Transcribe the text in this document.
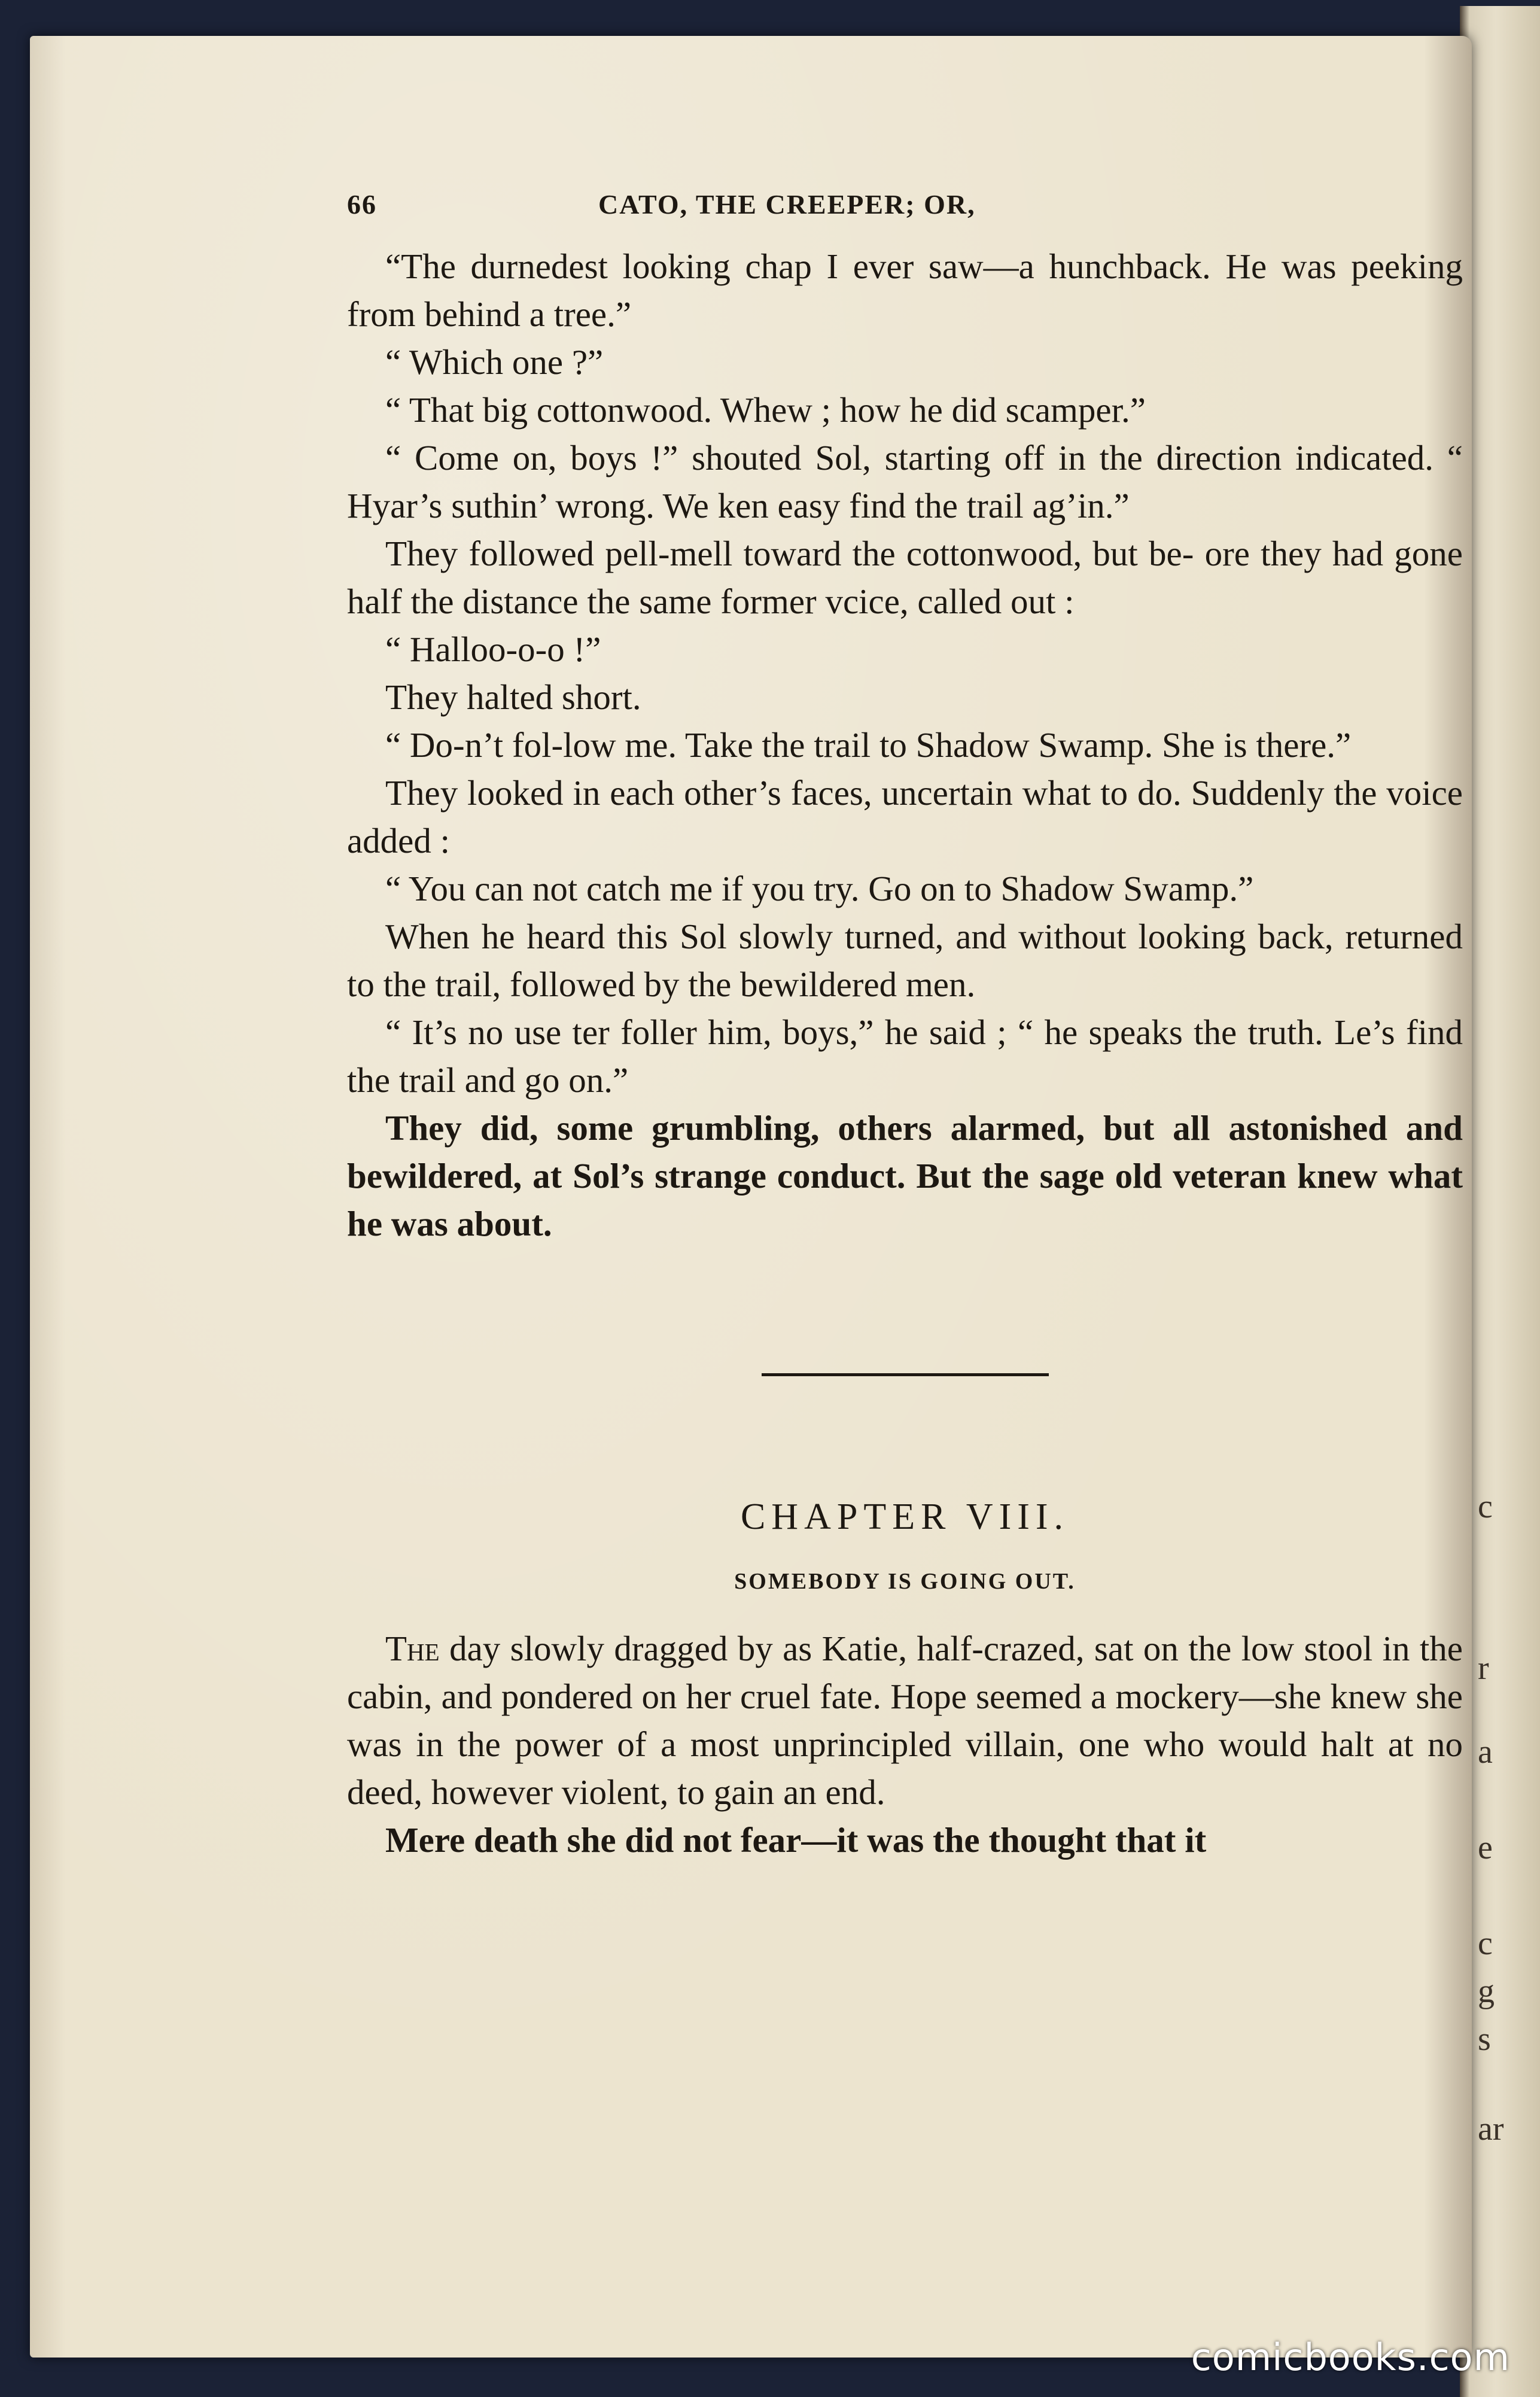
c
r
a
e
c
g
s
ar
66	CATO, THE CREEPER; OR,

“The durnedest looking chap I ever saw—a hunchback. He was peeking from behind a tree.”

“ Which one ?”

“ That big cottonwood. Whew ; how he did scamper.”

“ Come on, boys !” shouted Sol, starting off in the direction indicated. “ Hyar’s suthin’ wrong. We ken easy find the trail ag’in.”

They followed pell-mell toward the cottonwood, but be- ore they had gone half the distance the same former vcice, called out :

“ Halloo-o-o !”

They halted short.

“ Do-n’t fol-low me. Take the trail to Shadow Swamp. She is there.”

They looked in each other’s faces, uncertain what to do. Suddenly the voice added :

“ You can not catch me if you try. Go on to Shadow Swamp.”

When he heard this Sol slowly turned, and without looking back, returned to the trail, followed by the bewildered men.

“ It’s no use ter foller him, boys,” he said ; “ he speaks the truth. Le’s find the trail and go on.”

They did, some grumbling, others alarmed, but all astonished and bewildered, at Sol’s strange conduct. But the sage old veteran knew what he was about.

CHAPTER VIII.
SOMEBODY IS GOING OUT.

The day slowly dragged by as Katie, half-crazed, sat on the low stool in the cabin, and pondered on her cruel fate. Hope seemed a mockery—she knew she was in the power of a most unprincipled villain, one who would halt at no deed, however violent, to gain an end.

Mere death she did not fear—it was the thought that it

comicbooks.com
